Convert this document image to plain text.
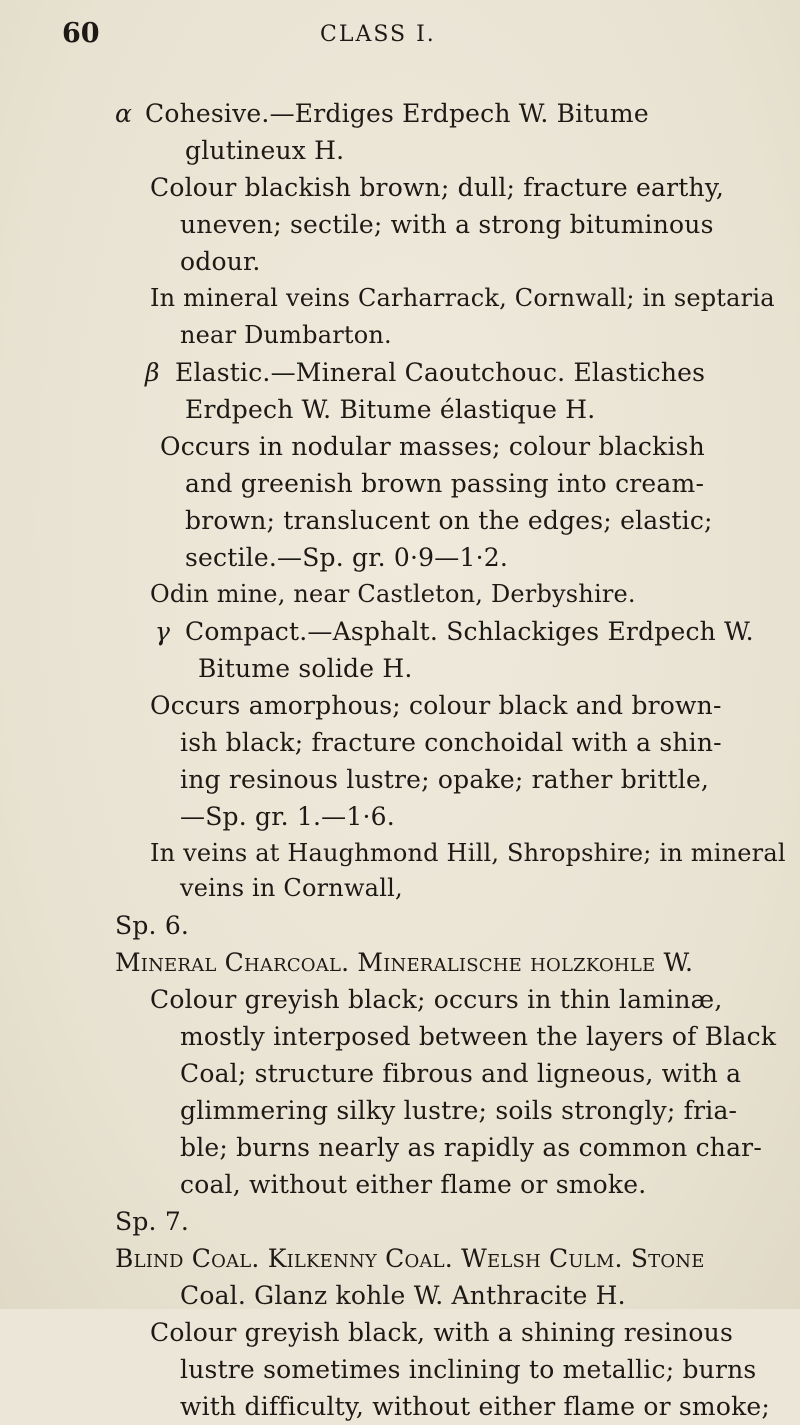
60	CLASS I.
α Cohesive.—Erdiges Erdpech W. Bitume
glutineux H.
Colour blackish brown; dull; fracture earthy,
uneven; sectile; with a strong bituminous
odour.
In mineral veins Carharrack, Cornwall; in septaria
near Dumbarton.
β Elastic.—Mineral Caoutchouc. Elastiches
Erdpech W. Bitume élastique H.
Occurs in nodular masses; colour blackish
and greenish brown passing into cream-
brown; translucent on the edges; elastic;
sectile.—Sp. gr. 0·9—1·2.
Odin mine, near Castleton, Derbyshire.
γ Compact.—Asphalt. Schlackiges Erdpech W.
Bitume solide H.
Occurs amorphous; colour black and brown-
ish black; fracture conchoidal with a shin-
ing resinous lustre; opake; rather brittle,
—Sp. gr. 1.—1·6.
In veins at Haughmond Hill, Shropshire; in mineral
veins in Cornwall,
Sp. 6.
Mineral Charcoal. Mineralische holzkohle W.
Colour greyish black; occurs in thin laminæ,
mostly interposed between the layers of Black
Coal; structure fibrous and ligneous, with a
glimmering silky lustre; soils strongly; fria-
ble; burns nearly as rapidly as common char-
coal, without either flame or smoke.
Sp. 7.
Blind Coal. Kilkenny Coal. Welsh Culm. Stone
Coal. Glanz kohle W. Anthracite H.
Colour greyish black, with a shining resinous
lustre sometimes inclining to metallic; burns
with difficulty, without either flame or smoke;
